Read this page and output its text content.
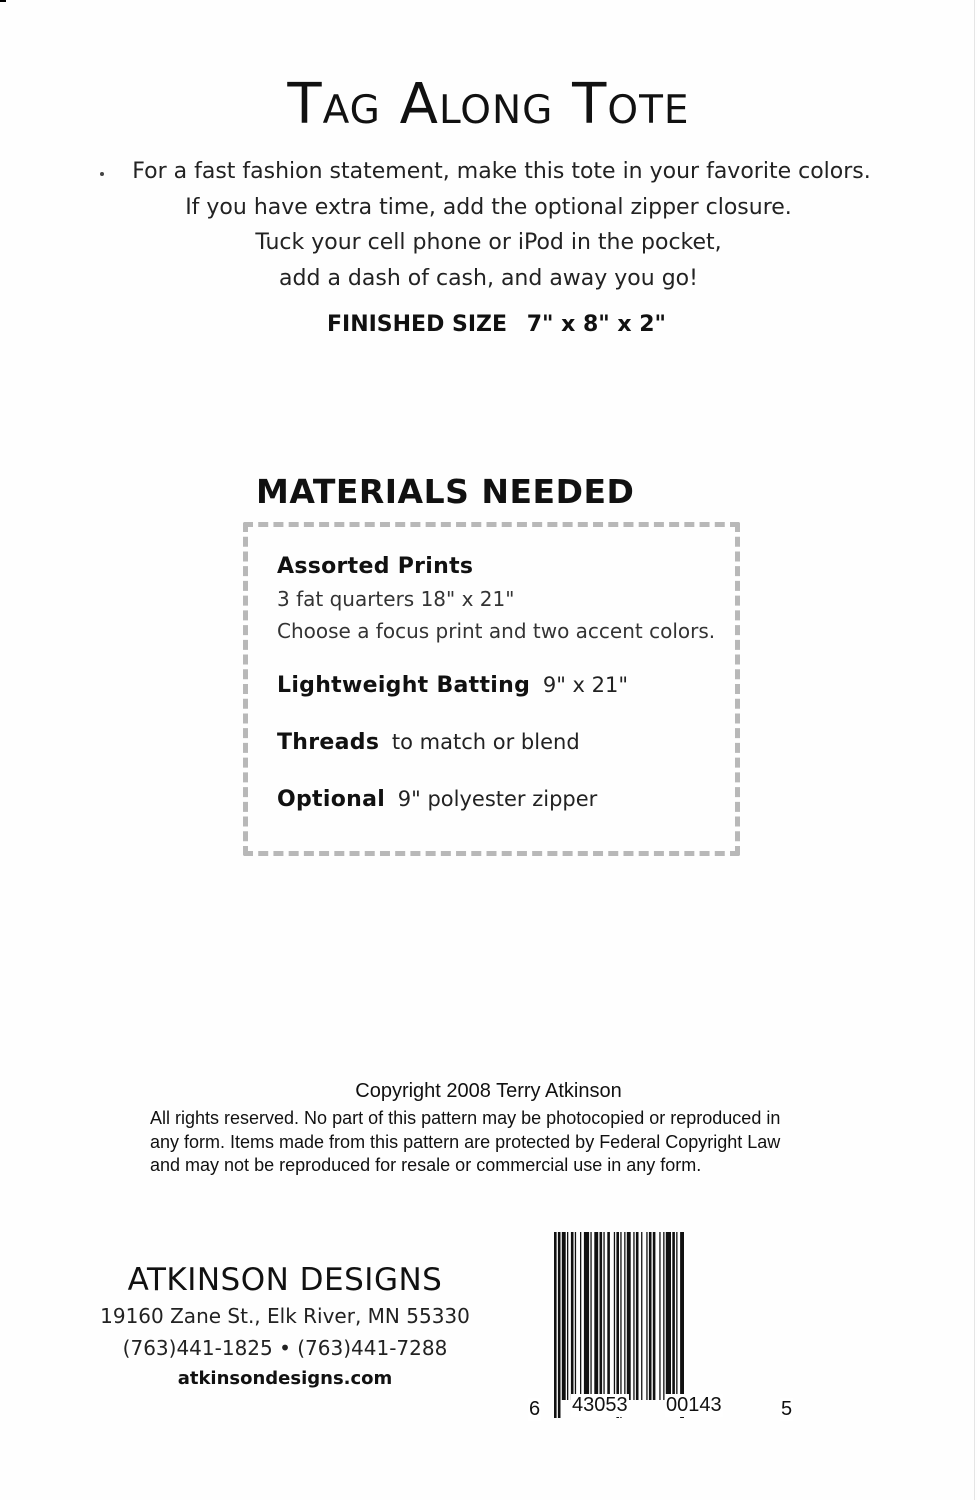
Tag Along Tote
For a fast fashion statement, make this tote in your favorite colors.
If you have extra time, add the optional zipper closure.
Tuck your cell phone or iPod in the pocket,
add a dash of cash, and away you go!
FINISHED SIZE 7" x 8" x 2"
MATERIALS NEEDED
Assorted Prints
3 fat quarters 18" x 21"
Choose a focus print and two accent colors.
Lightweight Batting 9" x 21"
Threads to match or blend
Optional 9" polyester zipper
Copyright 2008 Terry Atkinson
All rights reserved. No part of this pattern may be photocopied or reproduced in
any form. Items made from this pattern are protected by Federal Copyright Law
and may not be reproduced for resale or commercial use in any form.
ATKINSON DESIGNS
19160 Zane St., Elk River, MN 55330
(763)441-1825 • (763)441-7288
atkinsondesigns.com
6 43053 00143	5
